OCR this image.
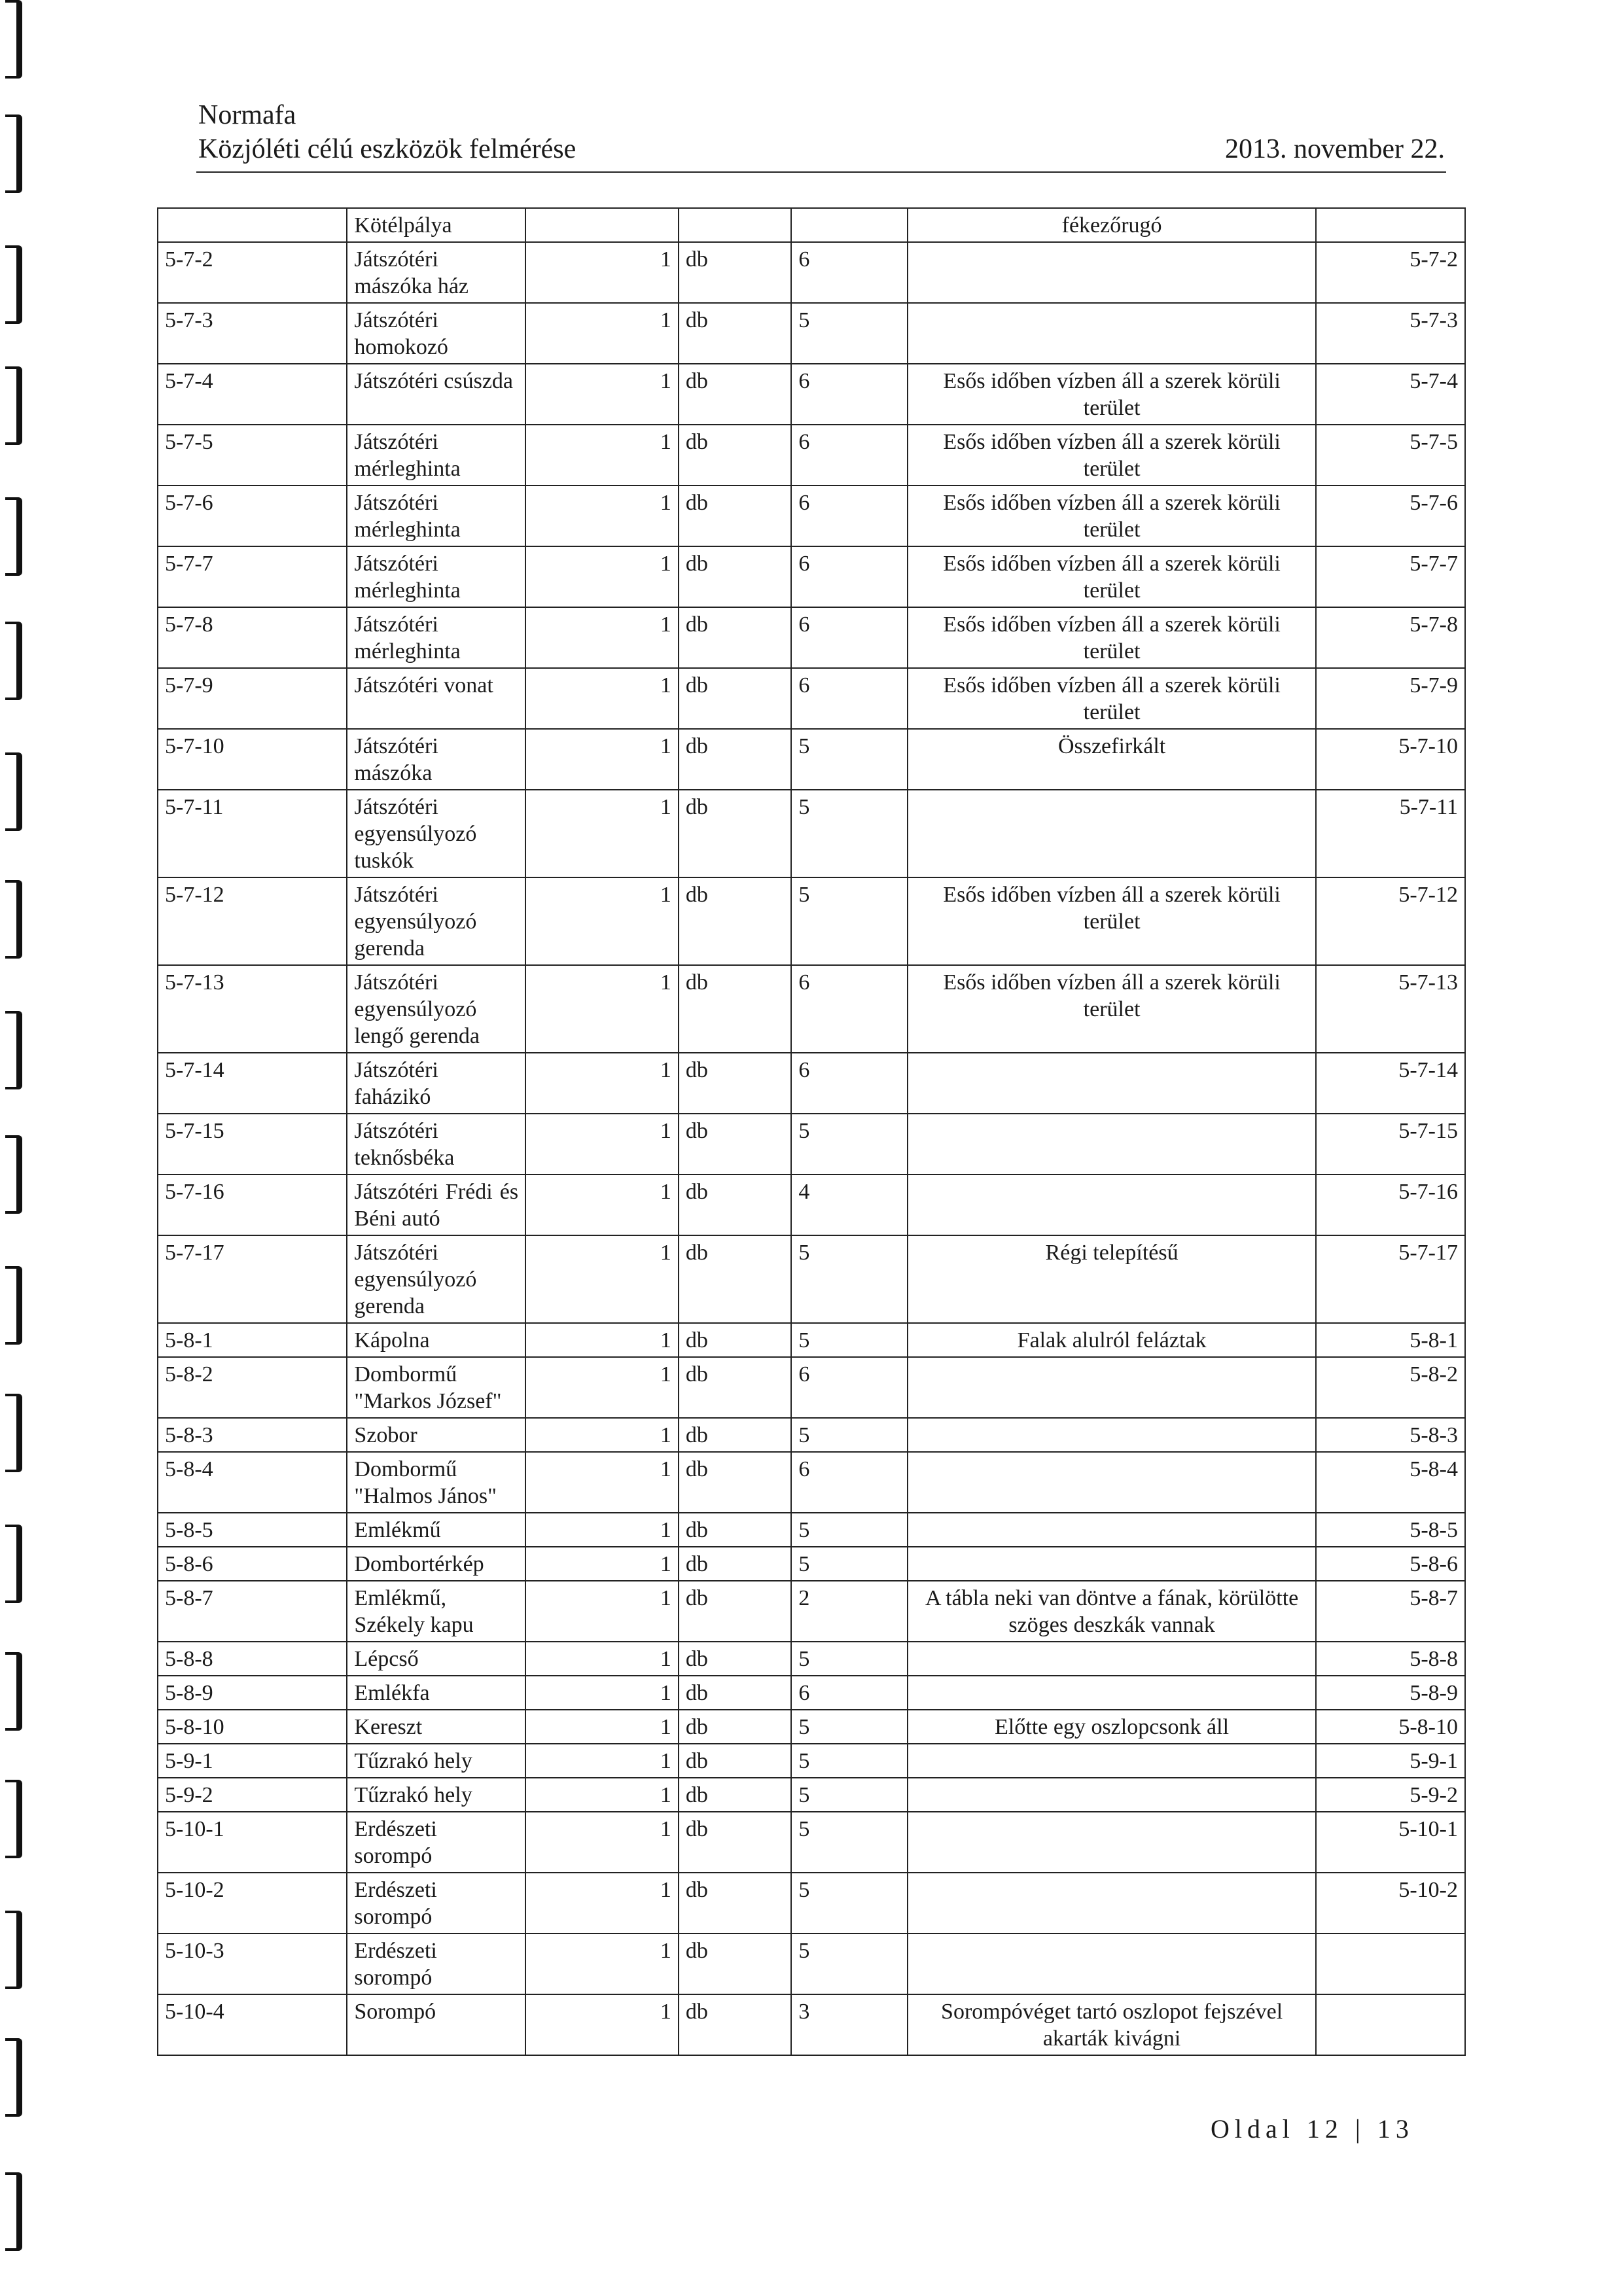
Normafa
Közjóléti célú eszközök felmérése	2013. november 22.
	Kötélpálya				fékezőrugó	
5-7-2	Játszótéri mászóka ház	1	db	6		5-7-2
5-7-3	Játszótéri homokozó	1	db	5		5-7-3
5-7-4	Játszótéri csúszda	1	db	6	Esős időben vízben áll a szerek körüli terület	5-7-4
5-7-5	Játszótéri mérleghinta	1	db	6	Esős időben vízben áll a szerek körüli terület	5-7-5
5-7-6	Játszótéri mérleghinta	1	db	6	Esős időben vízben áll a szerek körüli terület	5-7-6
5-7-7	Játszótéri mérleghinta	1	db	6	Esős időben vízben áll a szerek körüli terület	5-7-7
5-7-8	Játszótéri mérleghinta	1	db	6	Esős időben vízben áll a szerek körüli terület	5-7-8
5-7-9	Játszótéri vonat	1	db	6	Esős időben vízben áll a szerek körüli terület	5-7-9
5-7-10	Játszótéri mászóka	1	db	5	Összefirkált	5-7-10
5-7-11	Játszótéri egyensúlyozó tuskók	1	db	5		5-7-11
5-7-12	Játszótéri egyensúlyozó gerenda	1	db	5	Esős időben vízben áll a szerek körüli terület	5-7-12
5-7-13	Játszótéri egyensúlyozó lengő gerenda	1	db	6	Esős időben vízben áll a szerek körüli terület	5-7-13
5-7-14	Játszótéri faházikó	1	db	6		5-7-14
5-7-15	Játszótéri teknősbéka	1	db	5		5-7-15
5-7-16	Játszótéri Frédi és Béni autó	1	db	4		5-7-16
5-7-17	Játszótéri egyensúlyozó gerenda	1	db	5	Régi telepítésű	5-7-17
5-8-1	Kápolna	1	db	5	Falak alulról feláztak	5-8-1
5-8-2	Dombormű "Markos József"	1	db	6		5-8-2
5-8-3	Szobor	1	db	5		5-8-3
5-8-4	Dombormű "Halmos János"	1	db	6		5-8-4
5-8-5	Emlékmű	1	db	5		5-8-5
5-8-6	Dombortérkép	1	db	5		5-8-6
5-8-7	Emlékmű, Székely kapu	1	db	2	A tábla neki van döntve a fának, körülötte szöges deszkák vannak	5-8-7
5-8-8	Lépcső	1	db	5		5-8-8
5-8-9	Emlékfa	1	db	6		5-8-9
5-8-10	Kereszt	1	db	5	Előtte egy oszlopcsonk áll	5-8-10
5-9-1	Tűzrakó hely	1	db	5		5-9-1
5-9-2	Tűzrakó hely	1	db	5		5-9-2
5-10-1	Erdészeti sorompó	1	db	5		5-10-1
5-10-2	Erdészeti sorompó	1	db	5		5-10-2
5-10-3	Erdészeti sorompó	1	db	5		
5-10-4	Sorompó	1	db	3	Sorompóvéget tartó oszlopot fejszével akarták kivágni	
Oldal 12 | 13
